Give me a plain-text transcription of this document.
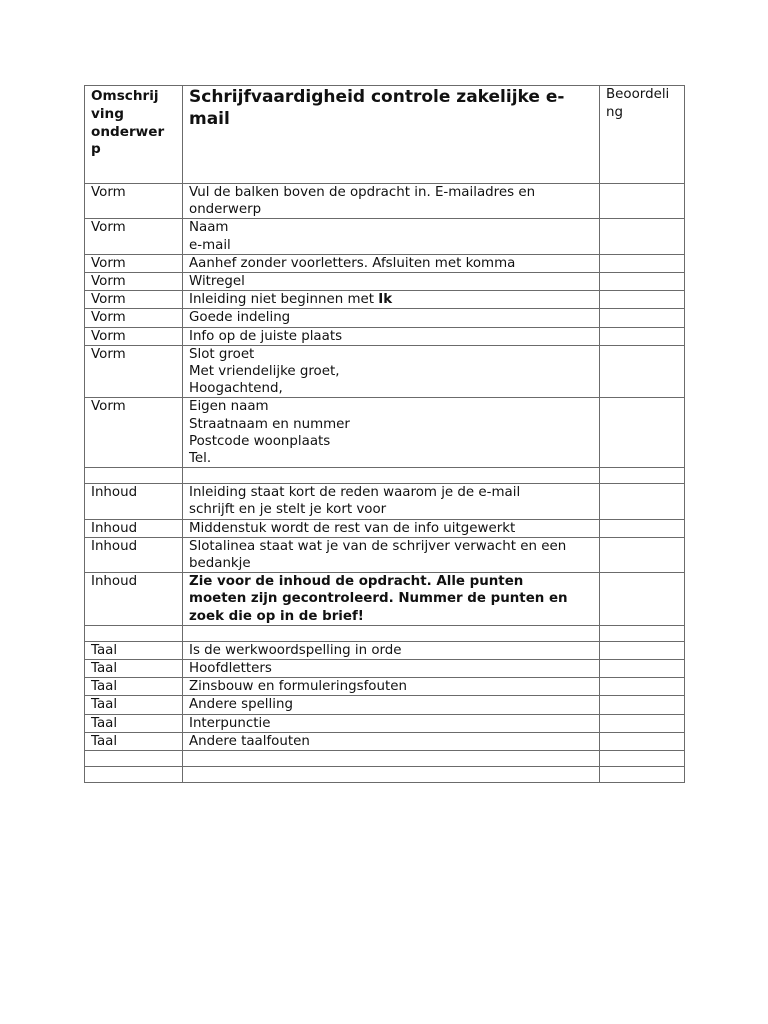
Omschrij
ving
onderwer
p	Schrijfvaardigheid controle zakelijke e-
mail	Beoordeli
ng
Vorm	Vul de balken boven de opdracht in. E-mailadres en
onderwerp	
Vorm	Naam
e-mail	
Vorm	Aanhef zonder voorletters. Afsluiten met komma	
Vorm	Witregel	
Vorm	Inleiding niet beginnen met Ik	
Vorm	Goede indeling	
Vorm	Info op de juiste plaats	
Vorm	Slot groet
Met vriendelijke groet,
Hoogachtend,	
Vorm	Eigen naam
Straatnaam en nummer
Postcode woonplaats
Tel.	

Inhoud	Inleiding staat kort de reden waarom je de e-mail
schrijft en je stelt je kort voor	
Inhoud	Middenstuk wordt de rest van de info uitgewerkt	
Inhoud	Slotalinea staat wat je van de schrijver verwacht en een
bedankje	
Inhoud	Zie voor de inhoud de opdracht. Alle punten
moeten zijn gecontroleerd. Nummer de punten en
zoek die op in de brief!	

Taal	Is de werkwoordspelling in orde	
Taal	Hoofdletters	
Taal	Zinsbouw en formuleringsfouten	
Taal	Andere spelling	
Taal	Interpunctie	
Taal	Andere taalfouten	
